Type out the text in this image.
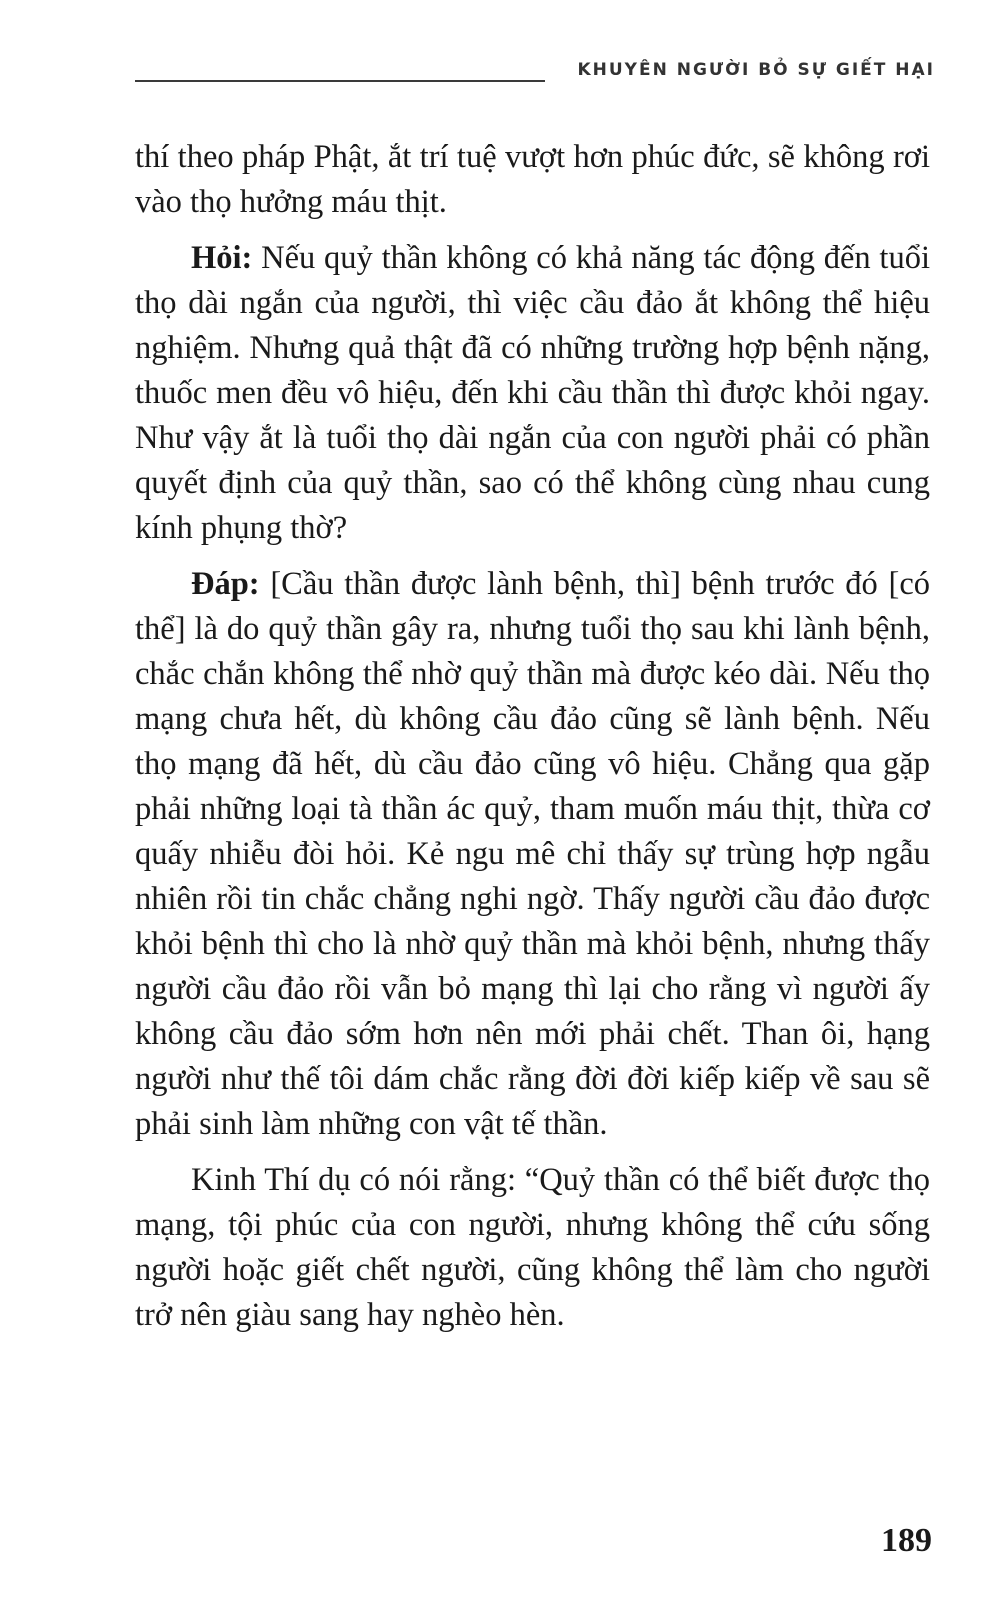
KHUYÊN NGƯỜI BỎ SỰ GIẾT HẠI

thí theo pháp Phật, ắt trí tuệ vượt hơn phúc đức, sẽ không rơi vào thọ hưởng máu thịt.

Hỏi: Nếu quỷ thần không có khả năng tác động đến tuổi thọ dài ngắn của người, thì việc cầu đảo ắt không thể hiệu nghiệm. Nhưng quả thật đã có những trường hợp bệnh nặng, thuốc men đều vô hiệu, đến khi cầu thần thì được khỏi ngay. Như vậy ắt là tuổi thọ dài ngắn của con người phải có phần quyết định của quỷ thần, sao có thể không cùng nhau cung kính phụng thờ?

Đáp: [Cầu thần được lành bệnh, thì] bệnh trước đó [có thể] là do quỷ thần gây ra, nhưng tuổi thọ sau khi lành bệnh, chắc chắn không thể nhờ quỷ thần mà được kéo dài. Nếu thọ mạng chưa hết, dù không cầu đảo cũng sẽ lành bệnh. Nếu thọ mạng đã hết, dù cầu đảo cũng vô hiệu. Chẳng qua gặp phải những loại tà thần ác quỷ, tham muốn máu thịt, thừa cơ quấy nhiễu đòi hỏi. Kẻ ngu mê chỉ thấy sự trùng hợp ngẫu nhiên rồi tin chắc chẳng nghi ngờ. Thấy người cầu đảo được khỏi bệnh thì cho là nhờ quỷ thần mà khỏi bệnh, nhưng thấy người cầu đảo rồi vẫn bỏ mạng thì lại cho rằng vì người ấy không cầu đảo sớm hơn nên mới phải chết. Than ôi, hạng người như thế tôi dám chắc rằng đời đời kiếp kiếp về sau sẽ phải sinh làm những con vật tế thần.

Kinh Thí dụ có nói rằng: “Quỷ thần có thể biết được thọ mạng, tội phúc của con người, nhưng không thể cứu sống người hoặc giết chết người, cũng không thể làm cho người trở nên giàu sang hay nghèo hèn.

189
